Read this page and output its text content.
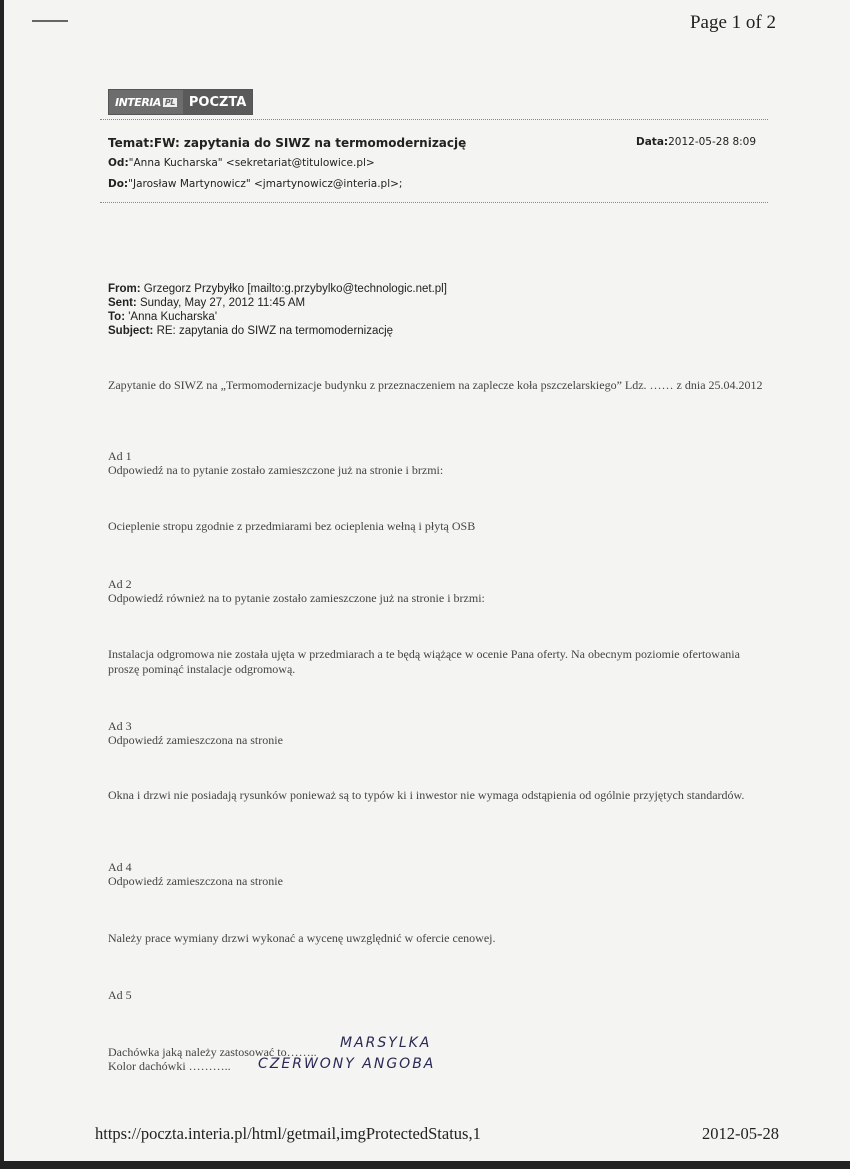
Page 1 of 2
INTERIA PL	POCZTA
Temat:FW: zapytania do SIWZ na termomodernizację	Data:2012-05-28 8:09
Od:"Anna Kucharska" <sekretariat@titulowice.pl>
Do:"Jarosław Martynowicz" <jmartynowicz@interia.pl>;
From: Grzegorz Przybyłko [mailto:g.przybylko@technologic.net.pl]
Sent: Sunday, May 27, 2012 11:45 AM
To: 'Anna Kucharska'
Subject: RE: zapytania do SIWZ na termomodernizację
Zapytanie do SIWZ na „Termomodernizacje budynku z przeznaczeniem na zaplecze koła pszczelarskiego” Ldz. …… z dnia 25.04.2012
Ad 1
Odpowiedź na to pytanie zostało zamieszczone już na stronie i brzmi:
Ocieplenie stropu zgodnie z przedmiarami bez ocieplenia wełną i płytą OSB
Ad 2
Odpowiedź również na to pytanie zostało zamieszczone już na stronie i brzmi:
Instalacja odgromowa nie została ujęta w przedmiarach a te będą wiążące w ocenie Pana oferty. Na obecnym poziomie ofertowania proszę pominąć instalacje odgromową.
Ad 3
Odpowiedź zamieszczona na stronie
Okna i drzwi nie posiadają rysunków ponieważ są to typów ki i inwestor nie wymaga odstąpienia od ogólnie przyjętych standardów.
Ad 4
Odpowiedź zamieszczona na stronie
Należy prace wymiany drzwi wykonać a wycenę uwzględnić w ofercie cenowej.
Ad 5
Dachówka jaką należy zastosować to……..
Kolor dachówki ………..
MARSYLKA
CZERWONY ANGOBA
https://poczta.interia.pl/html/getmail,imgProtectedStatus,1	2012-05-28
